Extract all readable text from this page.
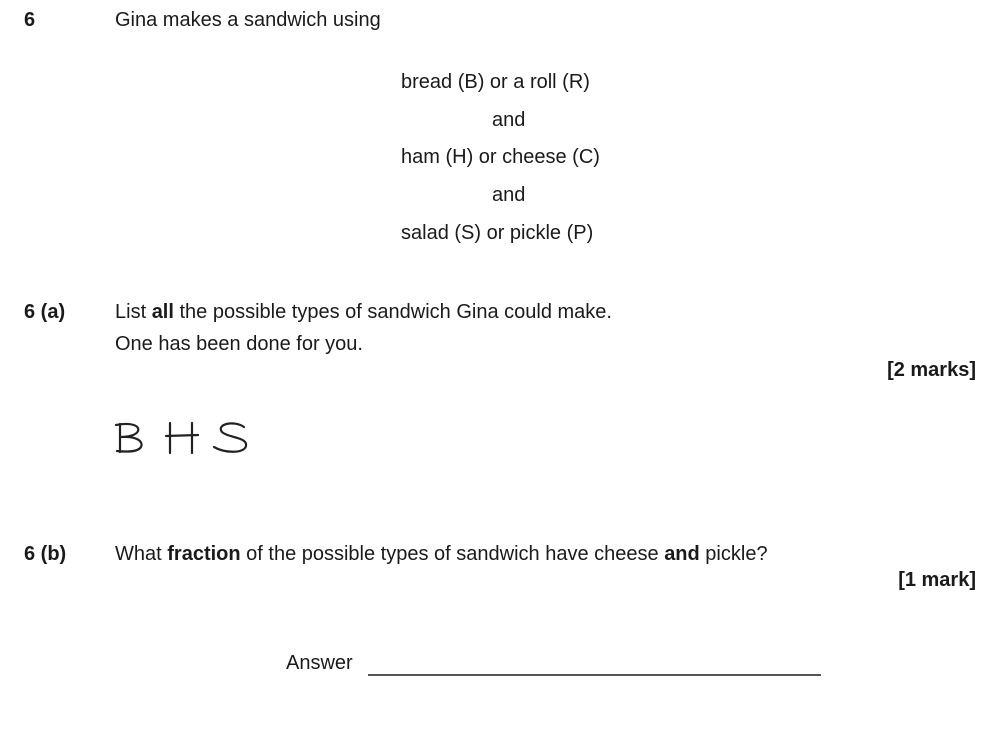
6	Gina makes a sandwich using
bread (B) or a roll (R)
and
ham (H) or cheese (C)
and
salad (S) or pickle (P)
6 (a) List all the possible types of sandwich Gina could make.
One has been done for you.
[2 marks]
6 (b) What fraction of the possible types of sandwich have cheese and pickle?
[1 mark]
Answer
